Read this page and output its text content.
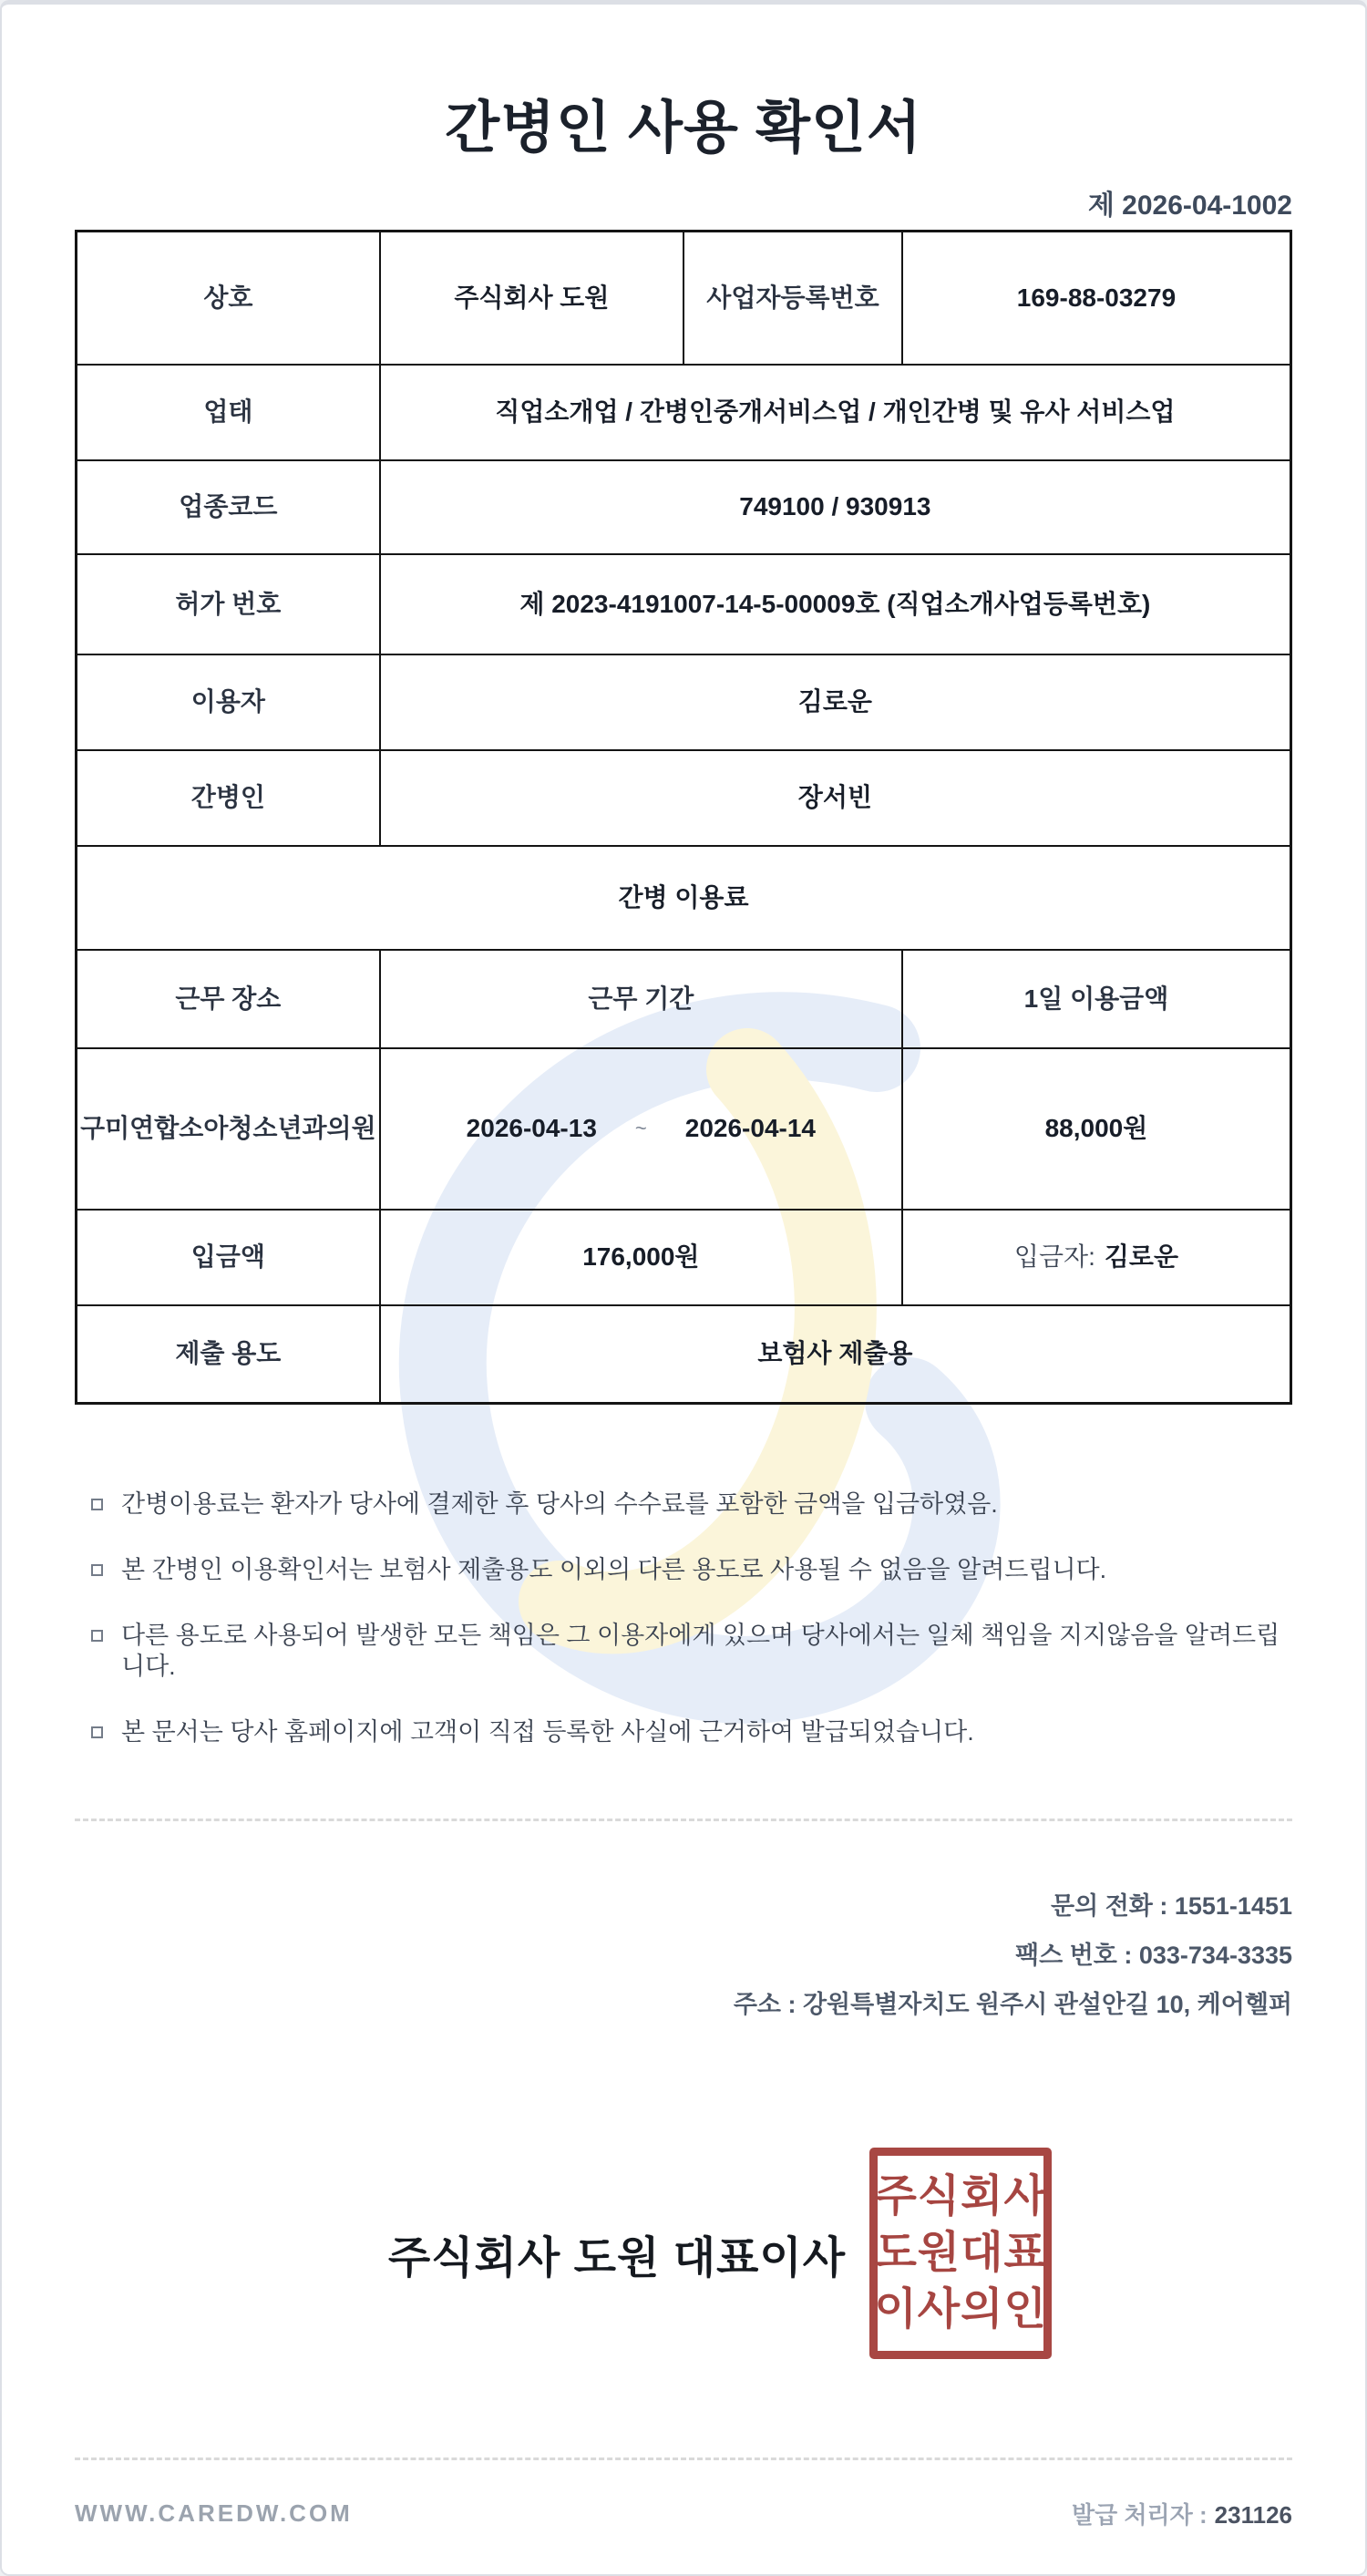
간병인 사용 확인서
제 2026-04-1002
상호	주식회사 도원	사업자등록번호	169-88-03279
업태	직업소개업 / 간병인중개서비스업 / 개인간병 및 유사 서비스업		
업종코드	749100 / 930913		
허가 번호	제 2023-4191007-14-5-00009호 (직업소개사업등록번호)		
이용자	김로운		
간병인	장서빈		
간병 이용료			
근무 장소	근무 기간		1일 이용금액
구미연합소아청소년과의원	2026-04-13 ~ 2026-04-14		88,000원
입금액	176,000원		입금자: 김로운
제출 용도	보험사 제출용		
간병이용료는 환자가 당사에 결제한 후 당사의 수수료를 포함한 금액을 입금하였음.
본 간병인 이용확인서는 보험사 제출용도 이외의 다른 용도로 사용될 수 없음을 알려드립니다.
다른 용도로 사용되어 발생한 모든 책임은 그 이용자에게 있으며 당사에서는 일체 책임을 지지않음을 알려드립니다.
본 문서는 당사 홈페이지에 고객이 직접 등록한 사실에 근거하여 발급되었습니다.
문의 전화 : 1551-1451
팩스 번호 : 033-734-3335
주소 : 강원특별자치도 원주시 관설안길 10, 케어헬퍼
주식회사 도원 대표이사
주식회사
도원대표
이사의인
WWW.CAREDW.COM	발급 처리자 : 231126
